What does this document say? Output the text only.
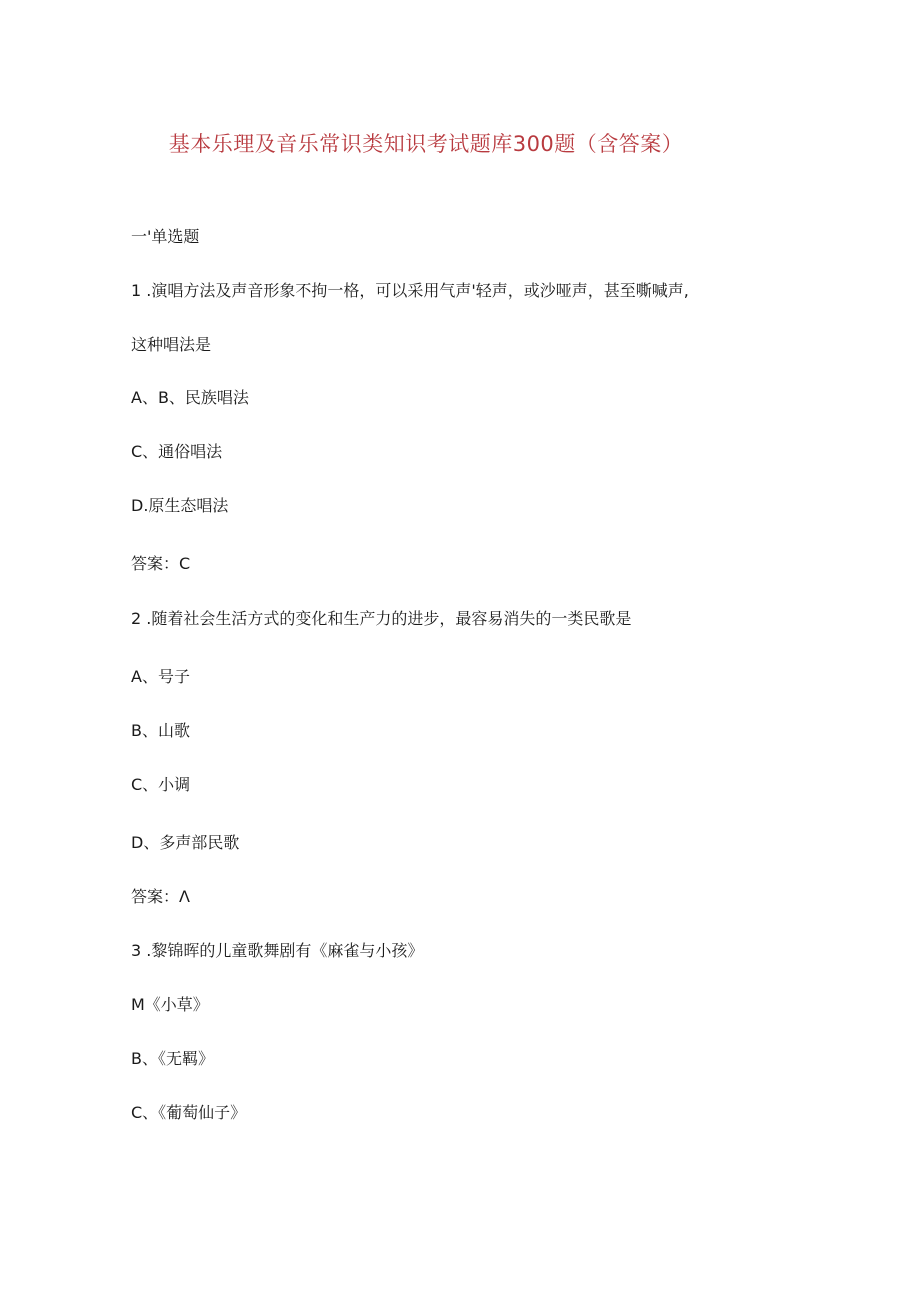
基本乐理及音乐常识类知识考试题库300题（含答案）
一'单选题
1 .演唱方法及声音形象不拘一格，可以采用气声'轻声，或沙哑声，甚至嘶喊声,
这种唱法是
A、B、民族唱法
C、通俗唱法
D.原生态唱法
答案：C
2 .随着社会生活方式的变化和生产力的进步，最容易消失的一类民歌是
A、号子
B、山歌
C、小调
D、多声部民歌
答案：Λ
3 .黎锦晖的儿童歌舞剧有《麻雀与小孩》
M《小草》
B、《无羁》
C、《葡萄仙子》
